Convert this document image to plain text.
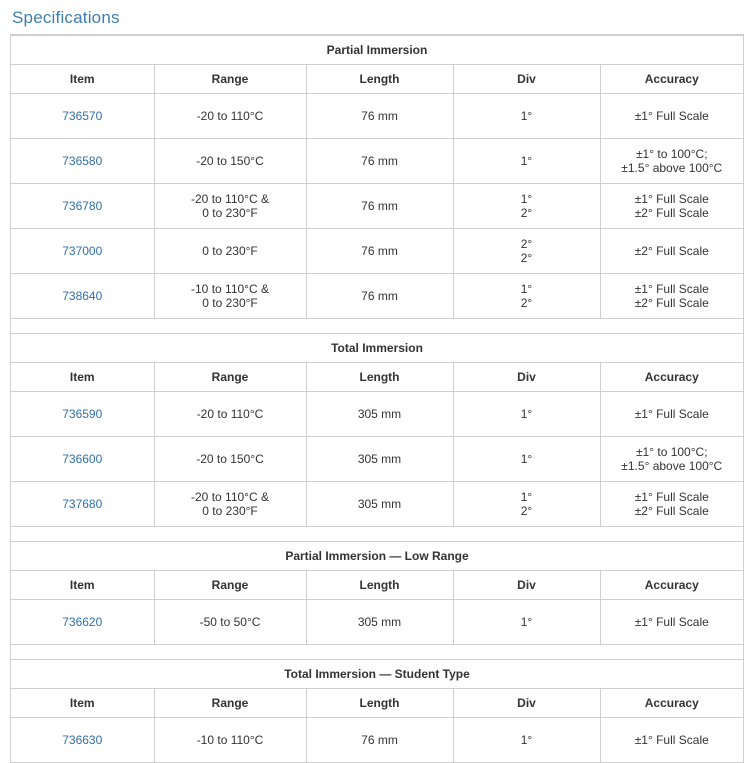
Specifications
Partial Immersion				
Item	Range	Length	Div	Accuracy
736570	-20 to 110°C	76 mm	1°	±1° Full Scale

736580	-20 to 150°C	76 mm	1°	±1° to 100°C;
±1.5° above 100°C

736780	-20 to 110°C &
0 to 230°F	76 mm	1°
2°	±1° Full Scale
±2° Full Scale

737000	0 to 230°F	76 mm	2°
2°	±2° Full Scale

738640	-10 to 110°C &
0 to 230°F	76 mm	1°
2°	±1° Full Scale
±2° Full Scale

Total Immersion				
Item	Range	Length	Div	Accuracy
736590	-20 to 110°C	305 mm	1°	±1° Full Scale

736600	-20 to 150°C	305 mm	1°	±1° to 100°C;
±1.5° above 100°C

737680	-20 to 110°C &
0 to 230°F	305 mm	1°
2°	±1° Full Scale
±2° Full Scale

Partial Immersion — Low Range				
Item	Range	Length	Div	Accuracy
736620	-50 to 50°C	305 mm	1°	±1° Full Scale

Total Immersion — Student Type				
Item	Range	Length	Div	Accuracy
736630	-10 to 110°C	76 mm	1°	±1° Full Scale
